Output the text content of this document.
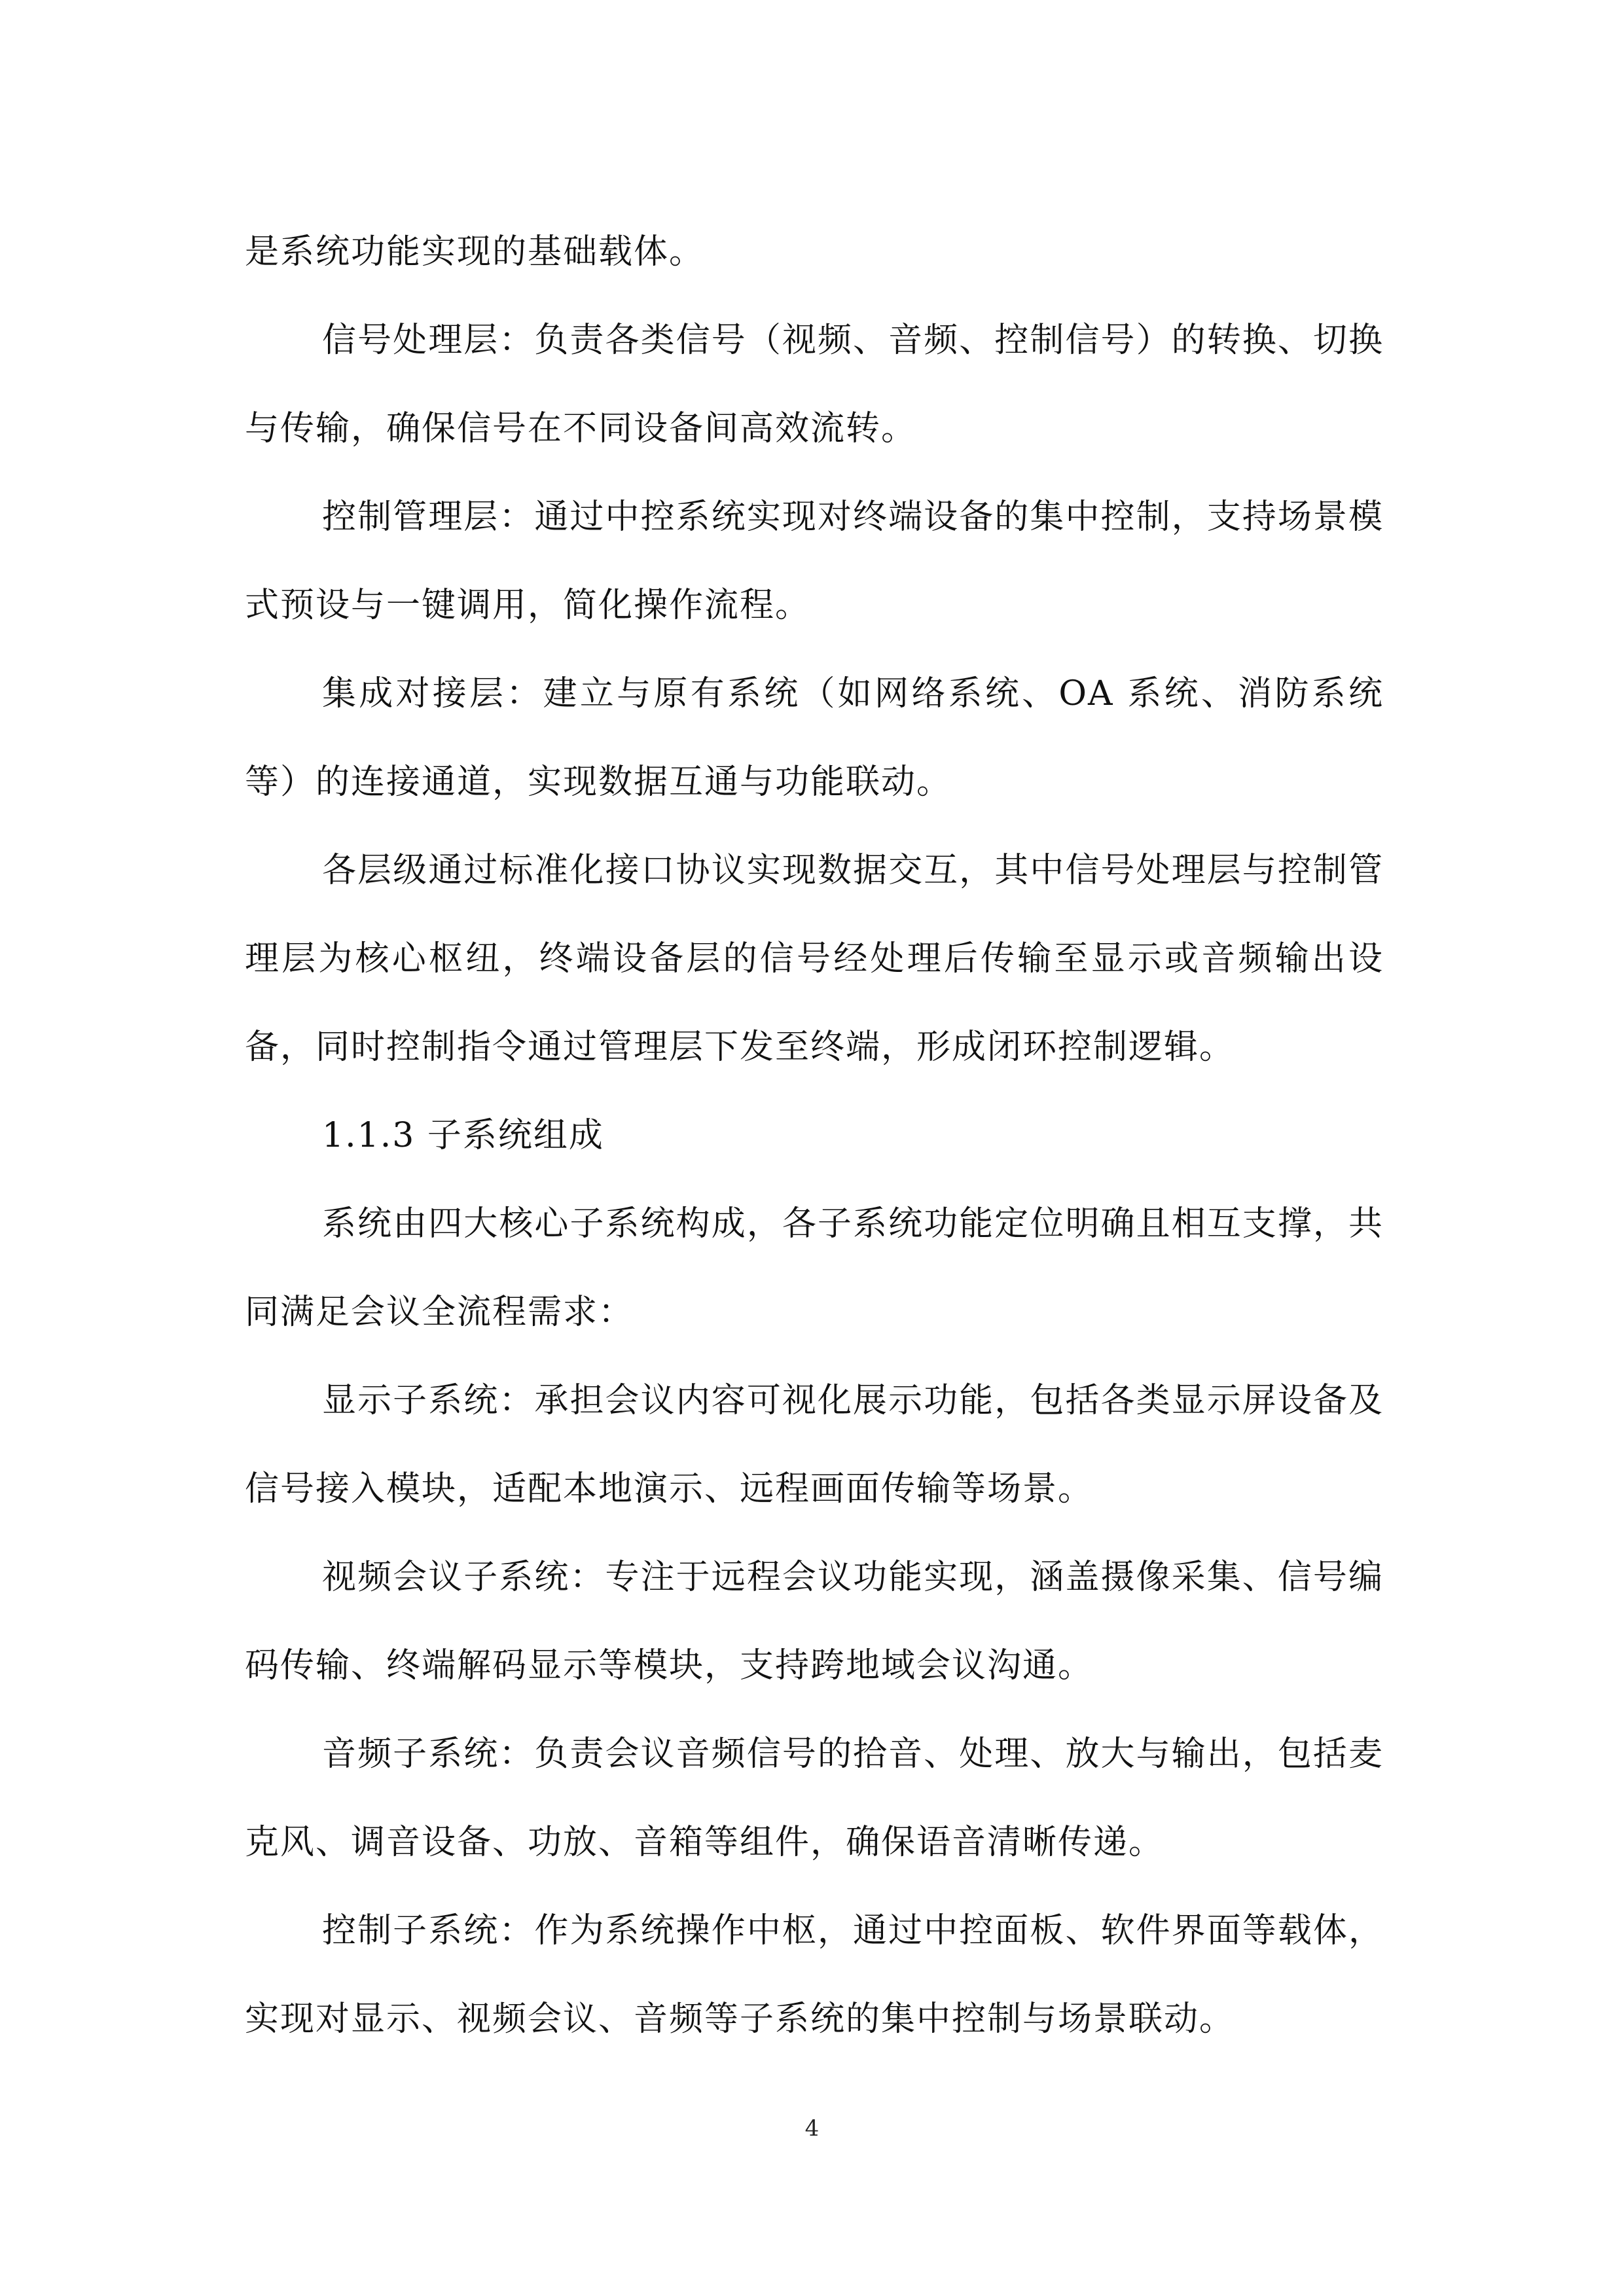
是系统功能实现的基础载体。

信号处理层：负责各类信号（视频、音频、控制信号）的转换、切换与传输，确保信号在不同设备间高效流转。

控制管理层：通过中控系统实现对终端设备的集中控制，支持场景模式预设与一键调用，简化操作流程。

集成对接层：建立与原有系统（如网络系统、OA 系统、消防系统等）的连接通道，实现数据互通与功能联动。

各层级通过标准化接口协议实现数据交互，其中信号处理层与控制管理层为核心枢纽，终端设备层的信号经处理后传输至显示或音频输出设备，同时控制指令通过管理层下发至终端，形成闭环控制逻辑。

1.1.3 子系统组成

系统由四大核心子系统构成，各子系统功能定位明确且相互支撑，共同满足会议全流程需求：

显示子系统：承担会议内容可视化展示功能，包括各类显示屏设备及信号接入模块，适配本地演示、远程画面传输等场景。

视频会议子系统：专注于远程会议功能实现，涵盖摄像采集、信号编码传输、终端解码显示等模块，支持跨地域会议沟通。

音频子系统：负责会议音频信号的拾音、处理、放大与输出，包括麦克风、调音设备、功放、音箱等组件，确保语音清晰传递。

控制子系统：作为系统操作中枢，通过中控面板、软件界面等载体，实现对显示、视频会议、音频等子系统的集中控制与场景联动。

4
